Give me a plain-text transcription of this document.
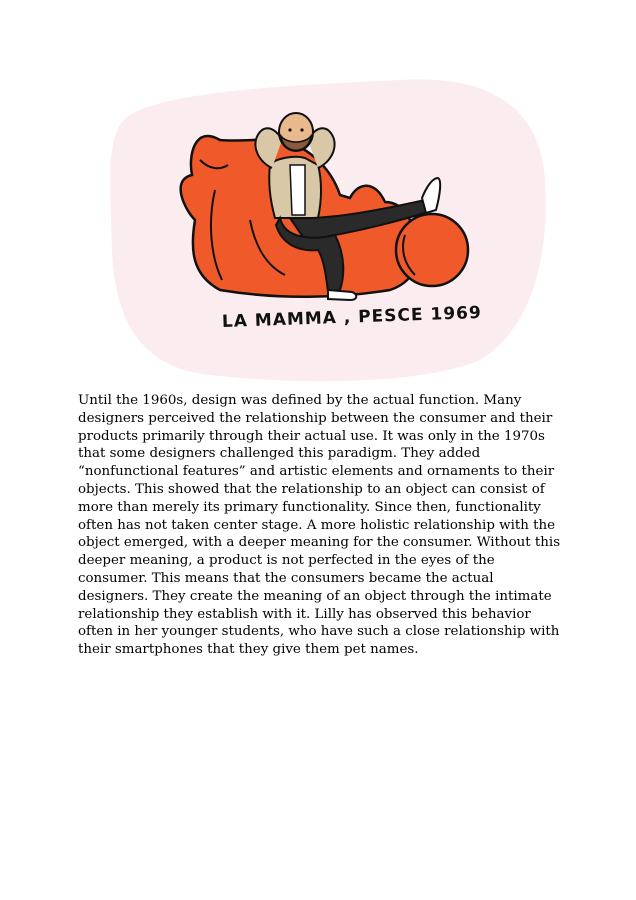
LA MAMMA , PESCE 1969

Until the 1960s, design was defined by the actual function. Many designers perceived the relationship between the consumer and their products primarily through their actual use. It was only in the 1970s that some designers challenged this paradigm. They added “nonfunctional features” and artistic elements and ornaments to their objects. This showed that the relationship to an object can consist of more than merely its primary functionality. Since then, functionality often has not taken center stage. A more holistic relationship with the object emerged, with a deeper meaning for the consumer. Without this deeper meaning, a product is not perfected in the eyes of the consumer. This means that the consumers became the actual designers. They create the meaning of an object through the intimate relationship they establish with it. Lilly has observed this behavior often in her younger students, who have such a close relationship with their smartphones that they give them pet names.
